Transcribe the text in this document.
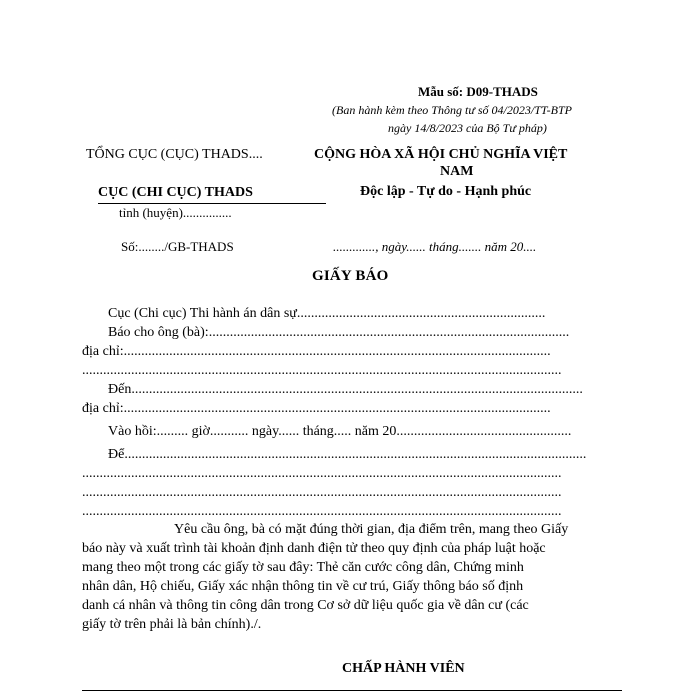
Mẫu số: D09-THADS
(Ban hành kèm theo Thông tư số 04/2023/TT-BTP
ngày 14/8/2023 của Bộ Tư pháp)
TỔNG CỤC (CỤC) THADS....	CỘNG HÒA XÃ HỘI CHỦ NGHĨA VIỆT
NAM
CỤC (CHI CỤC) THADS	Độc lập - Tự do - Hạnh phúc
tỉnh (huyện)...............
Số:......../GB-THADS	............., ngày...... tháng....... năm 20....
GIẤY BÁO
Cục (Chi cục) Thi hành án dân sự.......................................................................
Báo cho ông (bà):.......................................................................................................
địa chỉ:..........................................................................................................................
.........................................................................................................................................
Đến.................................................................................................................................
địa chỉ:..........................................................................................................................
Vào hồi:......... giờ........... ngày...... tháng..... năm 20..................................................
Để....................................................................................................................................
.........................................................................................................................................
.........................................................................................................................................
.........................................................................................................................................
Yêu cầu ông, bà có mặt đúng thời gian, địa điểm trên, mang theo Giấy
báo này và xuất trình tài khoản định danh điện tử theo quy định của pháp luật hoặc
mang theo một trong các giấy tờ sau đây: Thẻ căn cước công dân, Chứng minh
nhân dân, Hộ chiếu, Giấy xác nhận thông tin về cư trú, Giấy thông báo số định
danh cá nhân và thông tin công dân trong Cơ sở dữ liệu quốc gia về dân cư (các
giấy tờ trên phải là bản chính)./.
CHẤP HÀNH VIÊN
